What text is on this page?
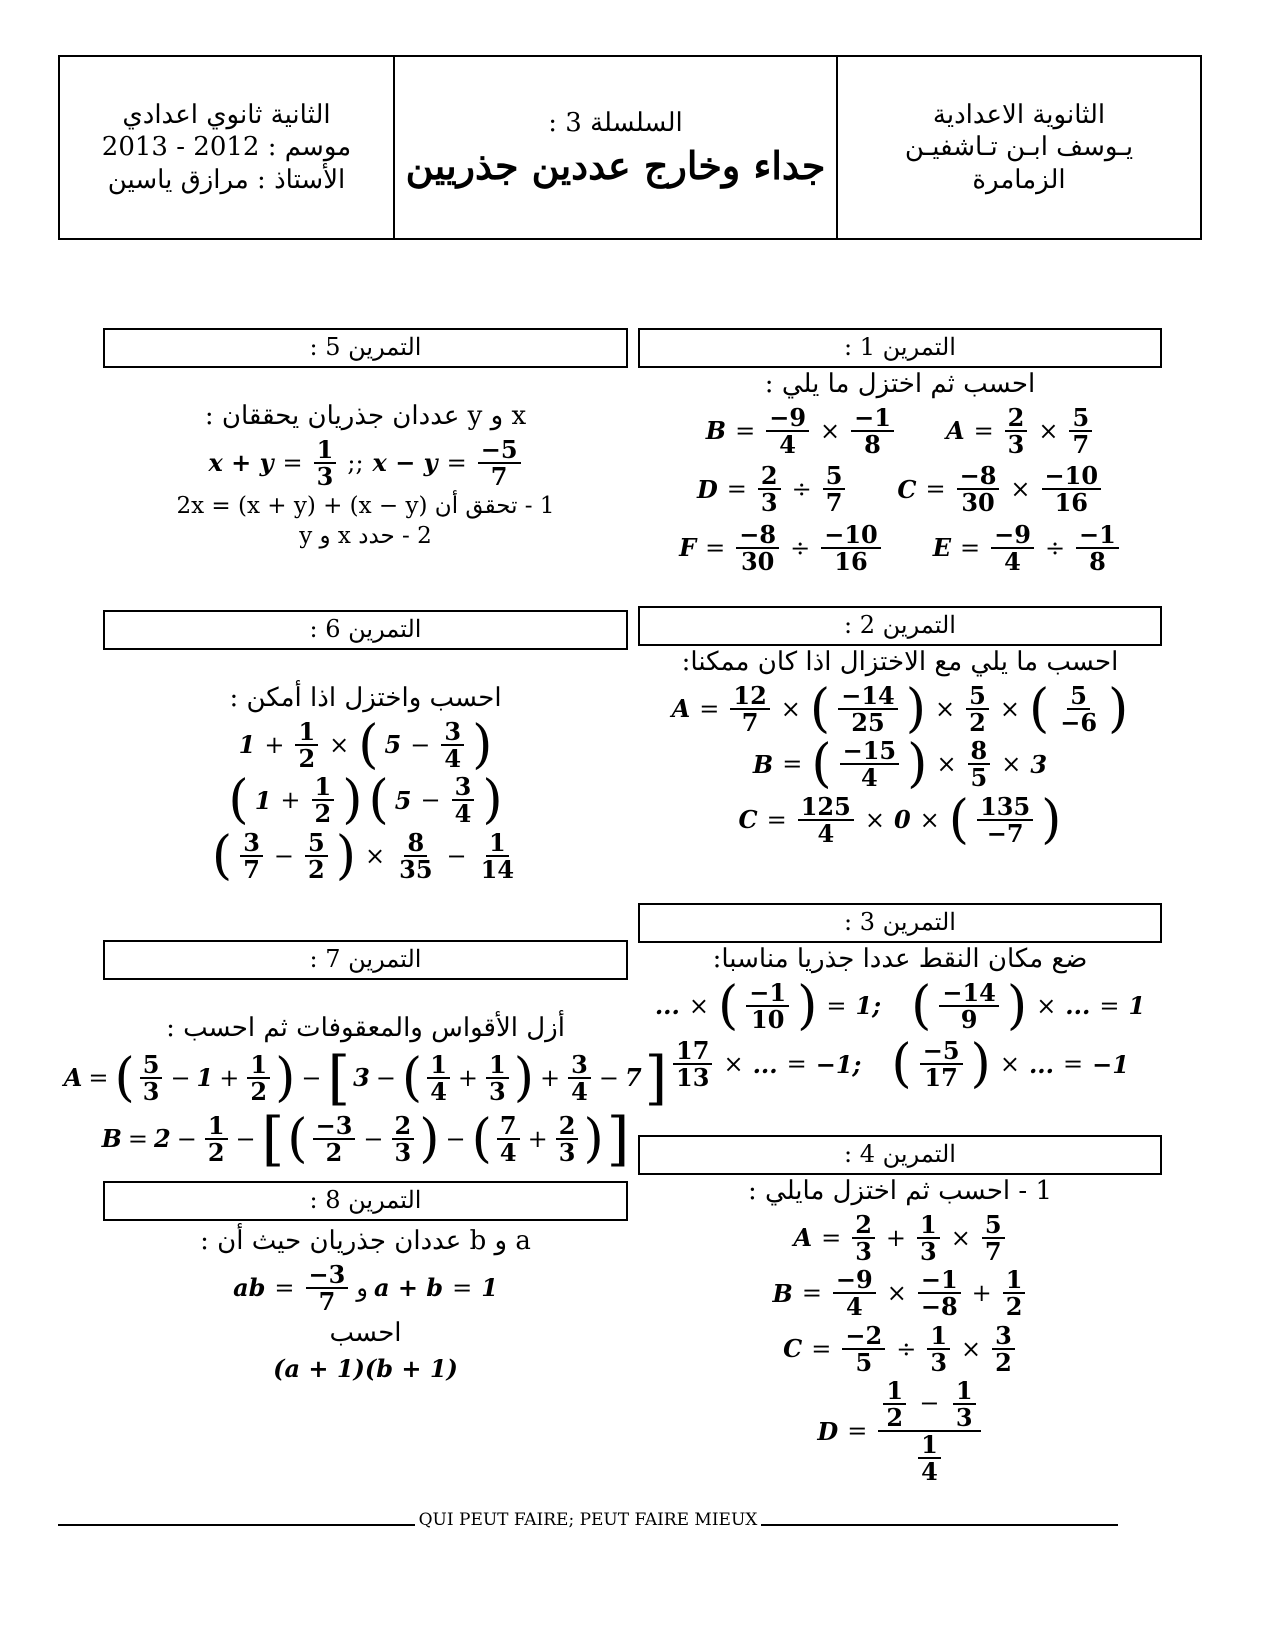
الثانية ثانوي اعدادي
موسم : 2012 - 2013
الأستاذ : مرازق ياسين
السلسلة 3 :
جداء وخارج عددين جذريين
الثانوية الاعدادية
يـوسف ابـن تـاشفيـن
الزمامرة
التمرين 1 :
احسب ثم اختزل ما يلي :
$B = \frac{-9}{4} \times \frac{-1}{8}$ $A = \frac{2}{3} \times \frac{5}{7}$
$D = \frac{2}{3} \div \frac{5}{7}$ $C = \frac{-8}{30} \times \frac{-10}{16}$
$F = \frac{-8}{30} \div \frac{-10}{16}$ $E = \frac{-9}{4} \div \frac{-1}{8}$
التمرين 2 :
احسب ما يلي مع الاختزال اذا كان ممكنا:
$A = \frac{12}{7}$ × ( $\frac{-14}{25}$ ) × $\frac{5}{2}$ × ( $\frac{5}{-6}$ )
B = ( $\frac{-15}{4}$ ) × $\frac{8}{5} \times 3$
$C = \frac{125}{4} \times 0$ × ( $\frac{135}{-7}$ )
التمرين 3 :
ضع مكان النقط عددا جذريا مناسبا:
... × ( $\frac{-1}{10}$ ) = 1; ( $\frac{-14}{9}$ ) × ... = 1
$\frac{17}{13}$ × ... = −1; ( $\frac{-5}{17}$ ) × ... = −1
التمرين 4 :
1 - احسب ثم اختزل مايلي :
$A = \frac{2}{3} + \frac{1}{3} \times \frac{5}{7}$
$B = \frac{-9}{4} \times \frac{-1}{-8} + \frac{1}{2}$
$C = \frac{-2}{5} \div \frac{1}{3} \times \frac{3}{2}$
$D = \frac{\frac{1}{2} - \frac{1}{3}}{\frac{1}{4}}$
التمرين 5 :
x و y عددان جذريان يحققان :
$x + y = \frac{1}{3}$ ;; $x - y = \frac{-5}{7}$
1 - تحقق أن 2x = (x + y) + (x − y)
2 - حدد x و y
التمرين 6 :
احسب واختزل اذا أمكن :
$1 + \frac{1}{2}$ × ( $5 - \frac{3}{4}$ )
( $1 + \frac{1}{2}$ ) ( $5 - \frac{3}{4}$ )
( $\frac{3}{7} - \frac{5}{2}$ ) × $\frac{8}{35} - \frac{1}{14}$
التمرين 7 :
أزل الأقواس والمعقوفات ثم احسب :
A = ( $\frac{5}{3} - 1 + \frac{1}{2}$ ) − [ 3 − ( $\frac{1}{4} + \frac{1}{3}$ ) + $\frac{3}{4} - 7$ ]
$B = 2 - \frac{1}{2}$ − [ ( $\frac{-3}{2} - \frac{2}{3}$ ) − ( $\frac{7}{4} + \frac{2}{3}$ ) ]
التمرين 8 :
a و b عددان جذريان حيث أن :
ab = $\frac{-3}{7}$ و a + b = 1
احسب
(a + 1)(b + 1)
QUI PEUT FAIRE; PEUT FAIRE MIEUX
